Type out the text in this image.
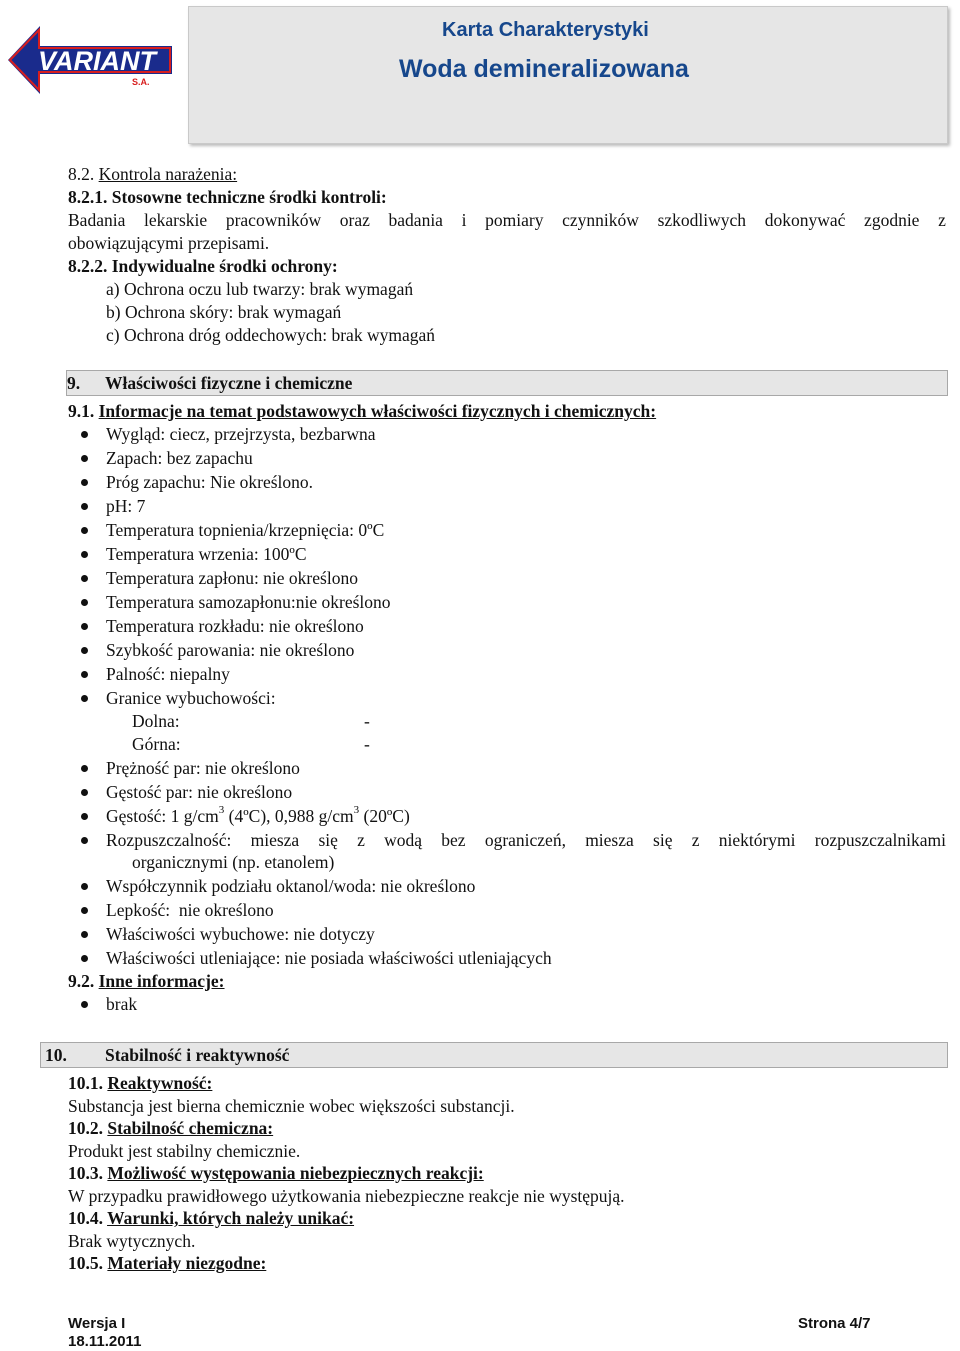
VARIANT
S.A.
Karta Charakterystyki
Woda demineralizowana
8.2. Kontrola narażenia:
8.2.1. Stosowne techniczne środki kontroli:
Badania lekarskie pracowników oraz badania i pomiary czynników szkodliwych dokonywać zgodnie z
obowiązującymi przepisami.
8.2.2. Indywidualne środki ochrony:
a) Ochrona oczu lub twarzy: brak wymagań
b) Ochrona skóry: brak wymagań
c) Ochrona dróg oddechowych: brak wymagań
9. Właściwości fizyczne i chemiczne
9.1. Informacje na temat podstawowych właściwości fizycznych i chemicznych:
Wygląd: ciecz, przejrzysta, bezbarwna
Zapach: bez zapachu
Próg zapachu: Nie określono.
pH: 7
Temperatura topnienia/krzepnięcia: 0ºC
Temperatura wrzenia: 100ºC
Temperatura zapłonu: nie określono
Temperatura samozapłonu:nie określono
Temperatura rozkładu: nie określono
Szybkość parowania: nie określono
Palność: niepalny
Granice wybuchowości:
Dolna:	-
Górna:	-
Prężność par: nie określono
Gęstość par: nie określono
Gęstość: 1 $g/cm^3$ (4ºC), 0,988 $g/cm^3$ (20ºC)
Rozpuszczalność: miesza się z wodą bez ograniczeń, miesza się z niektórymi rozpuszczalnikami
organicznymi (np. etanolem)
Współczynnik podziału oktanol/woda: nie określono
Lepkość:  nie określono
Właściwości wybuchowe: nie dotyczy
Właściwości utleniające: nie posiada właściwości utleniających
9.2. Inne informacje:
brak
10. Stabilność i reaktywność
10.1. Reaktywność:
Substancja jest bierna chemicznie wobec większości substancji.
10.2. Stabilność chemiczna:
Produkt jest stabilny chemicznie.
10.3. Możliwość występowania niebezpiecznych reakcji:
W przypadku prawidłowego użytkowania niebezpieczne reakcje nie występują.
10.4. Warunki, których należy unikać:
Brak wytycznych.
10.5. Materiały niezgodne:
Wersja I
18.11.2011
Strona 4/7
